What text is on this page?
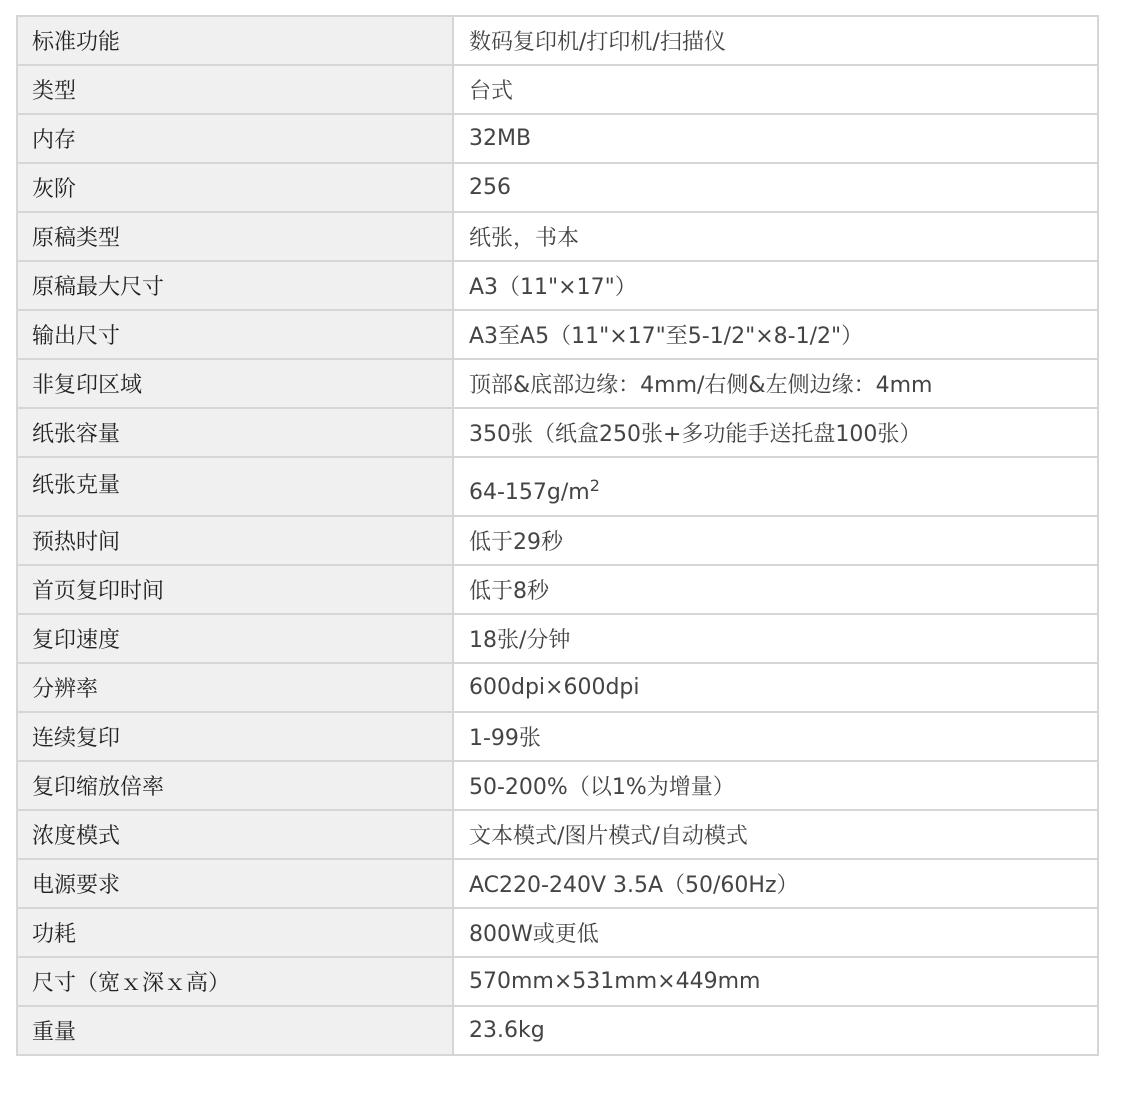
标准功能	数码复印机/打印机/扫描仪
类型	台式
内存	32MB
灰阶	256
原稿类型	纸张，书本
原稿最大尺寸	A3（11"×17"）
输出尺寸	A3至A5（11"×17"至5-1/2"×8-1/2"）
非复印区域	顶部&底部边缘：4mm/右侧&左侧边缘：4mm
纸张容量	350张（纸盒250张+多功能手送托盘100张）
纸张克量	$64-157g/m^2$
预热时间	低于29秒
首页复印时间	低于8秒
复印速度	18张/分钟
分辨率	600dpi×600dpi
连续复印	1-99张
复印缩放倍率	50-200%（以1%为增量）
浓度模式	文本模式/图片模式/自动模式
电源要求	AC220-240V 3.5A（50/60Hz）
功耗	800W或更低
尺寸（宽ｘ深ｘ高）	570mm×531mm×449mm
重量	23.6kg
